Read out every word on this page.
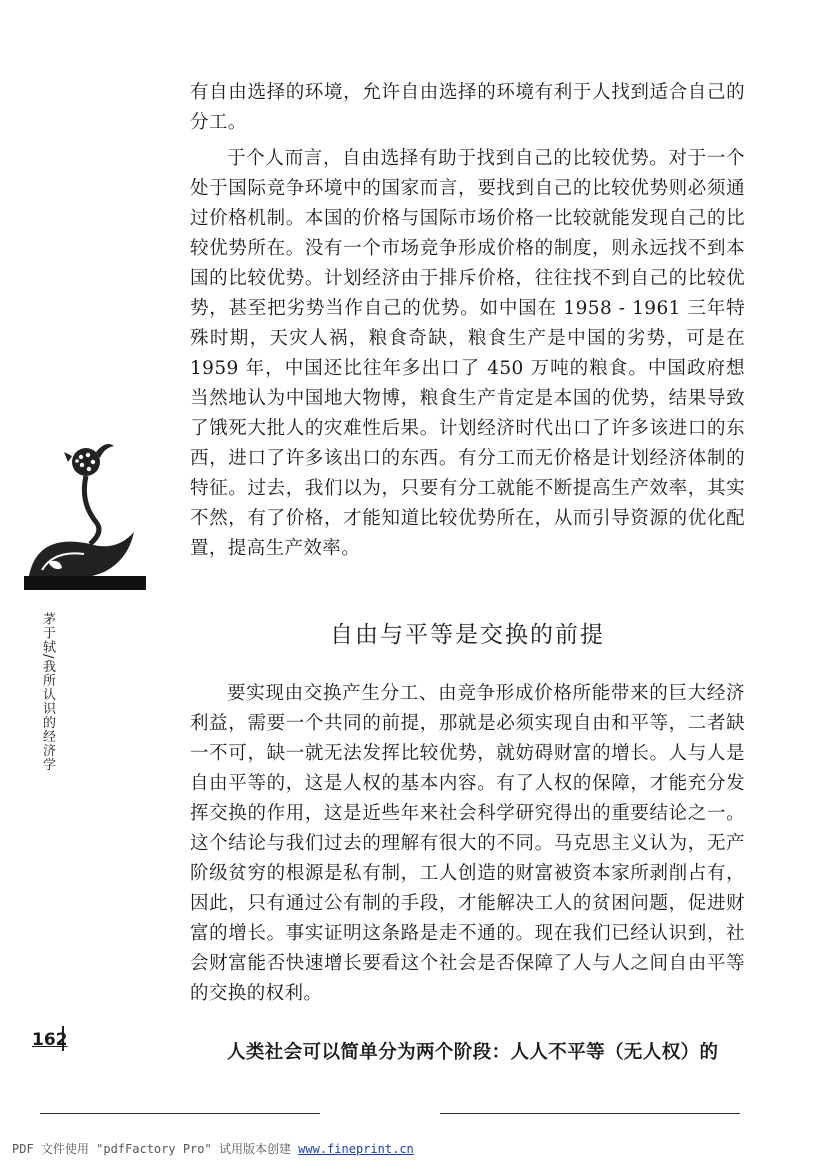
有自由选择的环境，允许自由选择的环境有利于人找到适合自己的分工。

于个人而言，自由选择有助于找到自己的比较优势。对于一个处于国际竞争环境中的国家而言，要找到自己的比较优势则必须通过价格机制。本国的价格与国际市场价格一比较就能发现自己的比较优势所在。没有一个市场竞争形成价格的制度，则永远找不到本国的比较优势。计划经济由于排斥价格，往往找不到自己的比较优势，甚至把劣势当作自己的优势。如中国在 1958 - 1961 三年特殊时期，天灾人祸，粮食奇缺，粮食生产是中国的劣势，可是在 1959 年，中国还比往年多出口了 450 万吨的粮食。中国政府想当然地认为中国地大物博，粮食生产肯定是本国的优势，结果导致了饿死大批人的灾难性后果。计划经济时代出口了许多该进口的东西，进口了许多该出口的东西。有分工而无价格是计划经济体制的特征。过去，我们以为，只要有分工就能不断提高生产效率，其实不然，有了价格，才能知道比较优势所在，从而引导资源的优化配置，提高生产效率。

自由与平等是交换的前提

要实现由交换产生分工、由竞争形成价格所能带来的巨大经济利益，需要一个共同的前提，那就是必须实现自由和平等，二者缺一不可，缺一就无法发挥比较优势，就妨碍财富的增长。人与人是自由平等的，这是人权的基本内容。有了人权的保障，才能充分发挥交换的作用，这是近些年来社会科学研究得出的重要结论之一。这个结论与我们过去的理解有很大的不同。马克思主义认为，无产阶级贫穷的根源是私有制，工人创造的财富被资本家所剥削占有，因此，只有通过公有制的手段，才能解决工人的贫困问题，促进财富的增长。事实证明这条路是走不通的。现在我们已经认识到，社会财富能否快速增长要看这个社会是否保障了人与人之间自由平等的交换的权利。

人类社会可以简单分为两个阶段：人人不平等（无人权）的

茅于轼/我所认识的经济学
162
PDF 文件使用 "pdfFactory Pro" 试用版本创建 www.fineprint.cn
